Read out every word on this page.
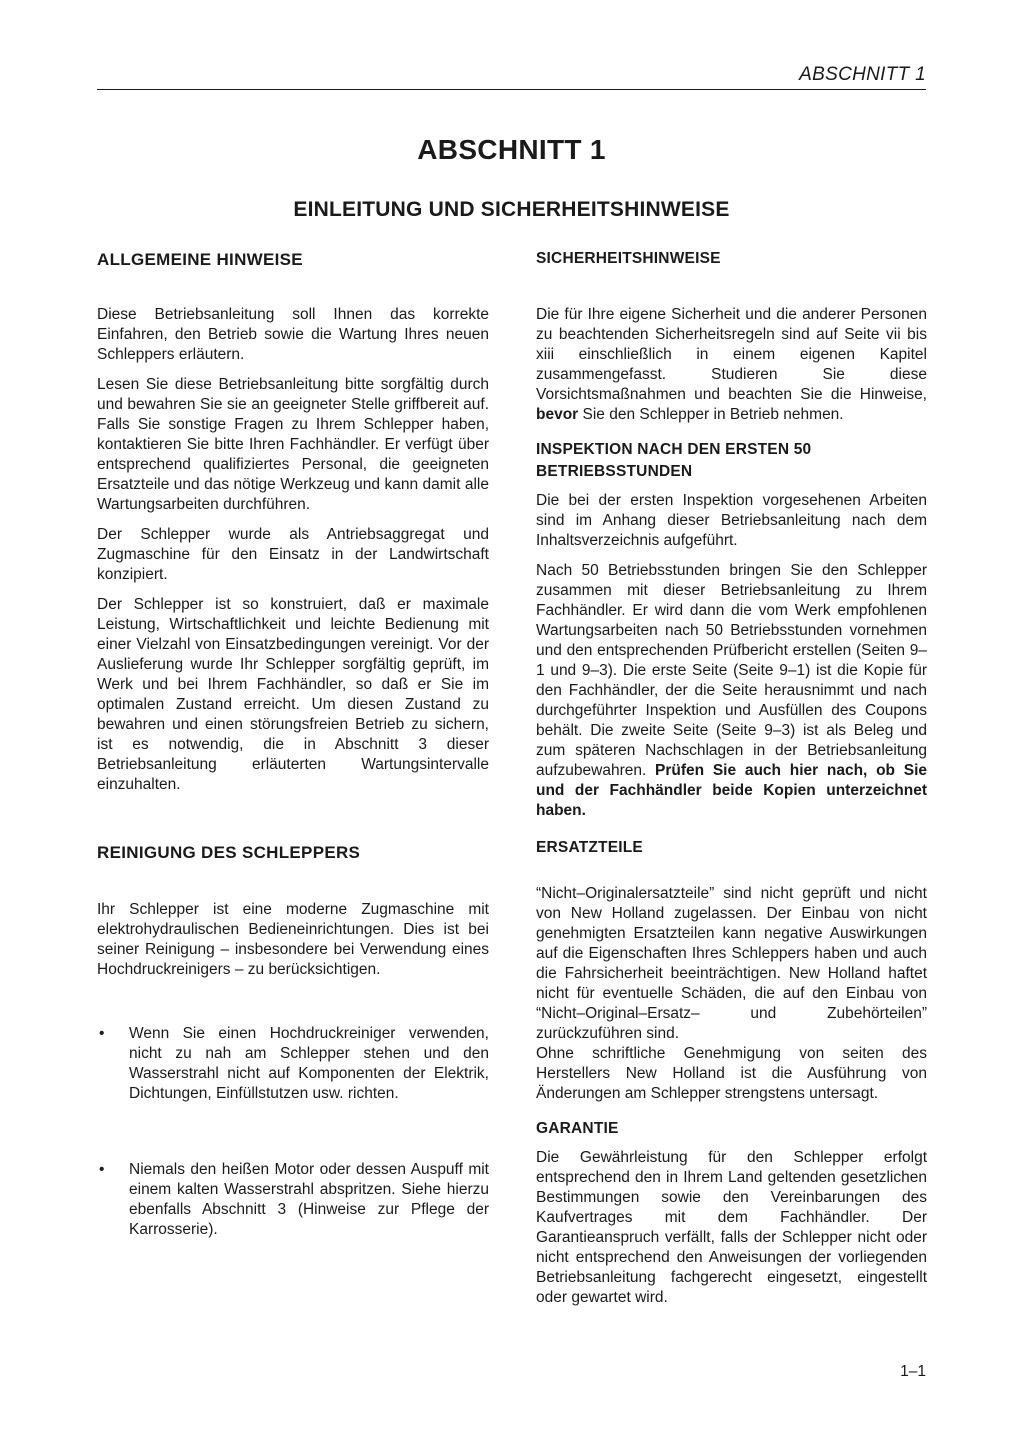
ABSCHNITT 1
ABSCHNITT 1
EINLEITUNG UND SICHERHEITSHINWEISE
ALLGEMEINE HINWEISE

Diese Betriebsanleitung soll Ihnen das korrekte Einfahren, den Betrieb sowie die Wartung Ihres neuen Schleppers erläutern.

Lesen Sie diese Betriebsanleitung bitte sorgfältig durch und bewahren Sie sie an geeigneter Stelle griffbereit auf. Falls Sie sonstige Fragen zu Ihrem Schlepper haben, kontaktieren Sie bitte Ihren Fachhändler. Er verfügt über entsprechend qualifiziertes Personal, die geeigneten Ersatzteile und das nötige Werkzeug und kann damit alle Wartungsarbeiten durchführen.

Der Schlepper wurde als Antriebsaggregat und Zugmaschine für den Einsatz in der Landwirtschaft konzipiert.

Der Schlepper ist so konstruiert, daß er maximale Leistung, Wirtschaftlichkeit und leichte Bedienung mit einer Vielzahl von Einsatzbedingungen vereinigt. Vor der Auslieferung wurde Ihr Schlepper sorgfältig geprüft, im Werk und bei Ihrem Fachhändler, so daß er Sie im optimalen Zustand erreicht. Um diesen Zustand zu bewahren und einen störungsfreien Betrieb zu sichern, ist es notwendig, die in Abschnitt 3 dieser Betriebsanleitung erläuterten Wartungsintervalle einzuhalten.

REINIGUNG DES SCHLEPPERS

Ihr Schlepper ist eine moderne Zugmaschine mit elektrohydraulischen Bedieneinrichtungen. Dies ist bei seiner Reinigung – insbesondere bei Verwendung eines Hochdruckreinigers – zu berücksichtigen.

•	Wenn Sie einen Hochdruckreiniger verwenden, nicht zu nah am Schlepper stehen und den Wasserstrahl nicht auf Komponenten der Elektrik, Dichtungen, Einfüllstutzen usw. richten.
•	Niemals den heißen Motor oder dessen Auspuff mit einem kalten Wasserstrahl abspritzen. Siehe hierzu ebenfalls Abschnitt 3 (Hinweise zur Pflege der Karrosserie).
SICHERHEITSHINWEISE

Die für Ihre eigene Sicherheit und die anderer Personen zu beachtenden Sicherheitsregeln sind auf Seite vii bis xiii einschließlich in einem eigenen Kapitel zusammengefasst. Studieren Sie diese Vorsichtsmaßnahmen und beachten Sie die Hinweise, bevor Sie den Schlepper in Betrieb nehmen.

INSPEKTION NACH DEN ERSTEN 50 BETRIEBSSTUNDEN

Die bei der ersten Inspektion vorgesehenen Arbeiten sind im Anhang dieser Betriebsanleitung nach dem Inhaltsverzeichnis aufgeführt.

Nach 50 Betriebsstunden bringen Sie den Schlepper zusammen mit dieser Betriebsanleitung zu Ihrem Fachhändler. Er wird dann die vom Werk empfohlenen Wartungsarbeiten nach 50 Betriebsstunden vornehmen und den entsprechenden Prüfbericht erstellen (Seiten 9–1 und 9–3). Die erste Seite (Seite 9–1) ist die Kopie für den Fachhändler, der die Seite herausnimmt und nach durchgeführter Inspektion und Ausfüllen des Coupons behält. Die zweite Seite (Seite 9–3) ist als Beleg und zum späteren Nachschlagen in der Betriebsanleitung aufzubewahren. Prüfen Sie auch hier nach, ob Sie und der Fachhändler beide Kopien unterzeichnet haben.

ERSATZTEILE

“Nicht–Originalersatzteile” sind nicht geprüft und nicht von New Holland zugelassen. Der Einbau von nicht genehmigten Ersatzteilen kann negative Auswirkungen auf die Eigenschaften Ihres Schleppers haben und auch die Fahrsicherheit beeinträchtigen. New Holland haftet nicht für eventuelle Schäden, die auf den Einbau von “Nicht–Original–Ersatz– und Zubehörteilen” zurückzuführen sind.

Ohne schriftliche Genehmigung von seiten des Herstellers New Holland ist die Ausführung von Änderungen am Schlepper strengstens untersagt.

GARANTIE

Die Gewährleistung für den Schlepper erfolgt entsprechend den in Ihrem Land geltenden gesetzlichen Bestimmungen sowie den Vereinbarungen des Kaufvertrages mit dem Fachhändler. Der Garantieanspruch verfällt, falls der Schlepper nicht oder nicht entsprechend den Anweisungen der vorliegenden Betriebsanleitung fachgerecht eingesetzt, eingestellt oder gewartet wird.

1–1
